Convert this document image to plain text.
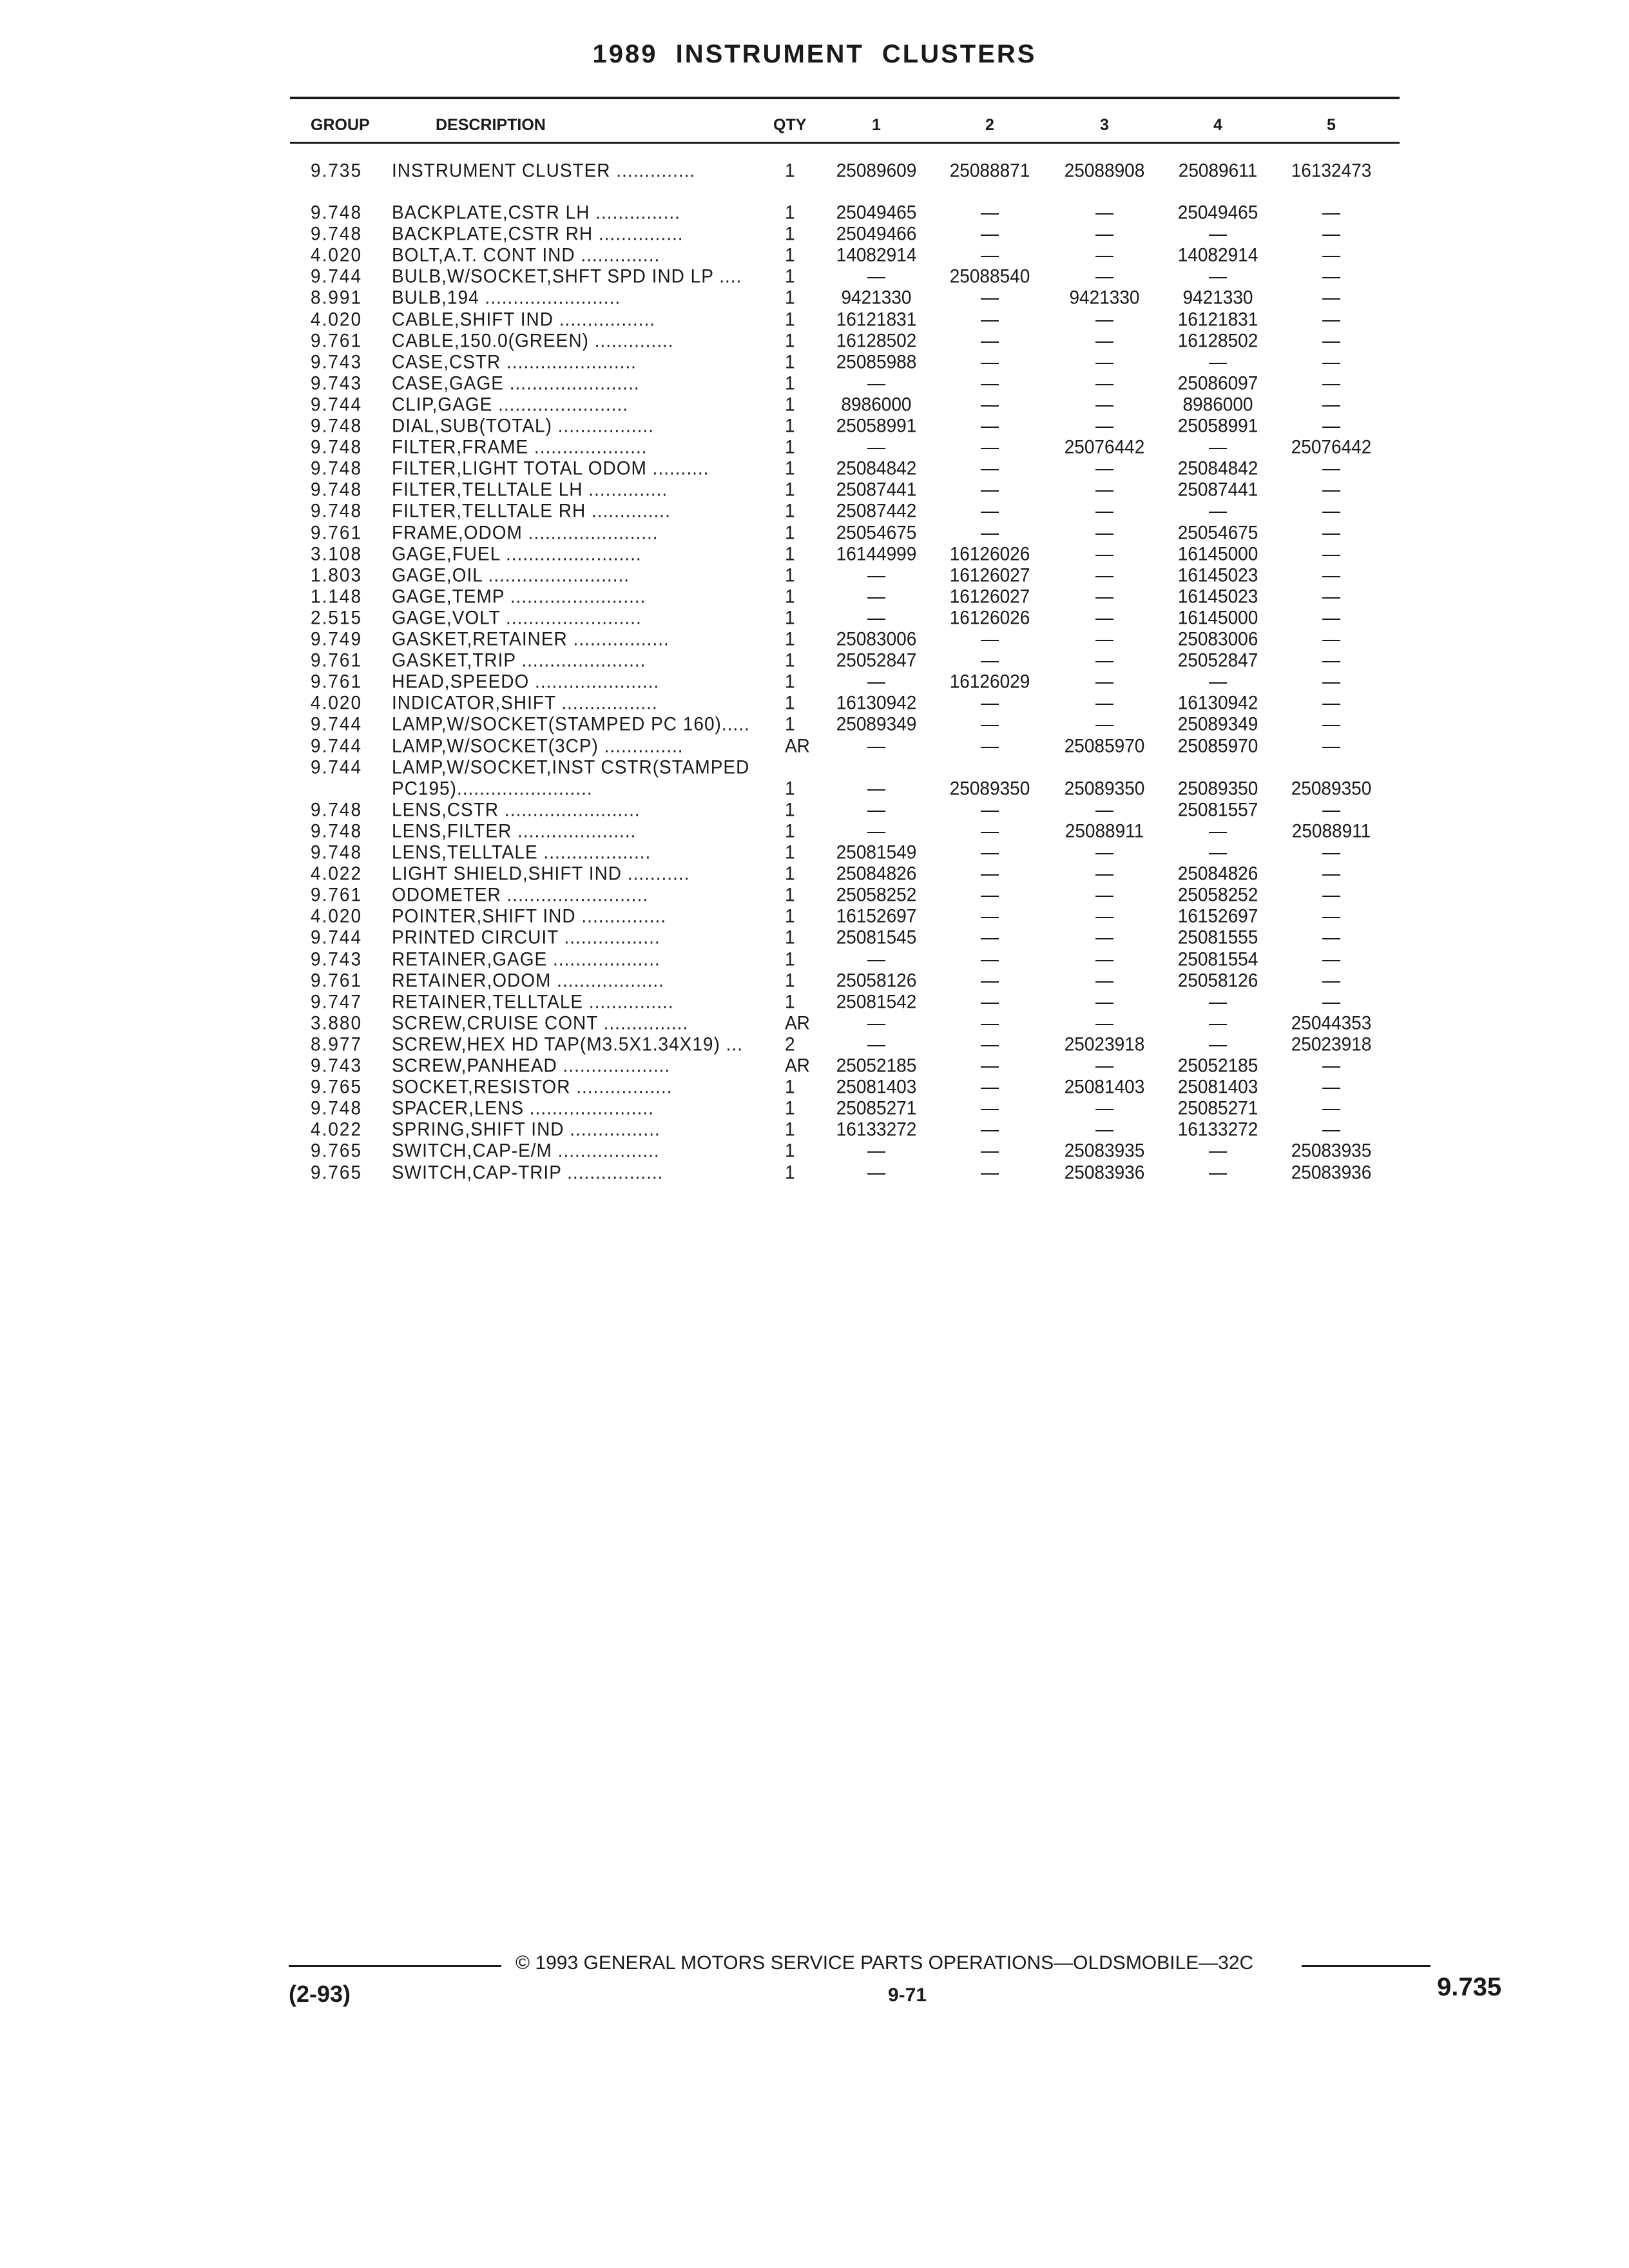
1989 INSTRUMENT CLUSTERS
GROUP	DESCRIPTION	QTY	1	2	3	4	5
9.735	INSTRUMENT CLUSTER ..............	1	25089609	25088871	25088908	25089611	16132473
9.748	BACKPLATE,CSTR LH ...............	1	25049465	—	—	25049465	—
9.748	BACKPLATE,CSTR RH ...............	1	25049466	—	—	—	—
4.020	BOLT,A.T. CONT IND ..............	1	14082914	—	—	14082914	—
9.744	BULB,W/SOCKET,SHFT SPD IND LP ....	1	—	25088540	—	—	—
8.991	BULB,194 ........................	1	9421330	—	9421330	9421330	—
4.020	CABLE,SHIFT IND .................	1	16121831	—	—	16121831	—
9.761	CABLE,150.0(GREEN) ..............	1	16128502	—	—	16128502	—
9.743	CASE,CSTR .......................	1	25085988	—	—	—	—
9.743	CASE,GAGE .......................	1	—	—	—	25086097	—
9.744	CLIP,GAGE .......................	1	8986000	—	—	8986000	—
9.748	DIAL,SUB(TOTAL) .................	1	25058991	—	—	25058991	—
9.748	FILTER,FRAME ....................	1	—	—	25076442	—	25076442
9.748	FILTER,LIGHT TOTAL ODOM ..........	1	25084842	—	—	25084842	—
9.748	FILTER,TELLTALE LH ..............	1	25087441	—	—	25087441	—
9.748	FILTER,TELLTALE RH ..............	1	25087442	—	—	—	—
9.761	FRAME,ODOM .......................	1	25054675	—	—	25054675	—
3.108	GAGE,FUEL ........................	1	16144999	16126026	—	16145000	—
1.803	GAGE,OIL .........................	1	—	16126027	—	16145023	—
1.148	GAGE,TEMP ........................	1	—	16126027	—	16145023	—
2.515	GAGE,VOLT ........................	1	—	16126026	—	16145000	—
9.749	GASKET,RETAINER .................	1	25083006	—	—	25083006	—
9.761	GASKET,TRIP ......................	1	25052847	—	—	25052847	—
9.761	HEAD,SPEEDO ......................	1	—	16126029	—	—	—
4.020	INDICATOR,SHIFT .................	1	16130942	—	—	16130942	—
9.744	LAMP,W/SOCKET(STAMPED PC 160).....	1	25089349	—	—	25089349	—
9.744	LAMP,W/SOCKET(3CP) ..............	AR	—	—	25085970	25085970	—
9.744	LAMP,W/SOCKET,INST CSTR(STAMPED
PC195)........................	1	—	25089350	25089350	25089350	25089350
9.748	LENS,CSTR ........................	1	—	—	—	25081557	—
9.748	LENS,FILTER .....................	1	—	—	25088911	—	25088911
9.748	LENS,TELLTALE ...................	1	25081549	—	—	—	—
4.022	LIGHT SHIELD,SHIFT IND ...........	1	25084826	—	—	25084826	—
9.761	ODOMETER .........................	1	25058252	—	—	25058252	—
4.020	POINTER,SHIFT IND ...............	1	16152697	—	—	16152697	—
9.744	PRINTED CIRCUIT .................	1	25081545	—	—	25081555	—
9.743	RETAINER,GAGE ...................	1	—	—	—	25081554	—
9.761	RETAINER,ODOM ...................	1	25058126	—	—	25058126	—
9.747	RETAINER,TELLTALE ...............	1	25081542	—	—	—	—
3.880	SCREW,CRUISE CONT ...............	AR	—	—	—	—	25044353
8.977	SCREW,HEX HD TAP(M3.5X1.34X19) ...	2	—	—	25023918	—	25023918
9.743	SCREW,PANHEAD ...................	AR	25052185	—	—	25052185	—
9.765	SOCKET,RESISTOR .................	1	25081403	—	25081403	25081403	—
9.748	SPACER,LENS ......................	1	25085271	—	—	25085271	—
4.022	SPRING,SHIFT IND ................	1	16133272	—	—	16133272	—
9.765	SWITCH,CAP-E/M ..................	1	—	—	25083935	—	25083935
9.765	SWITCH,CAP-TRIP .................	1	—	—	25083936	—	25083936
© 1993 GENERAL MOTORS SERVICE PARTS OPERATIONS—OLDSMOBILE—32C
(2-93)	9-71	9.735
